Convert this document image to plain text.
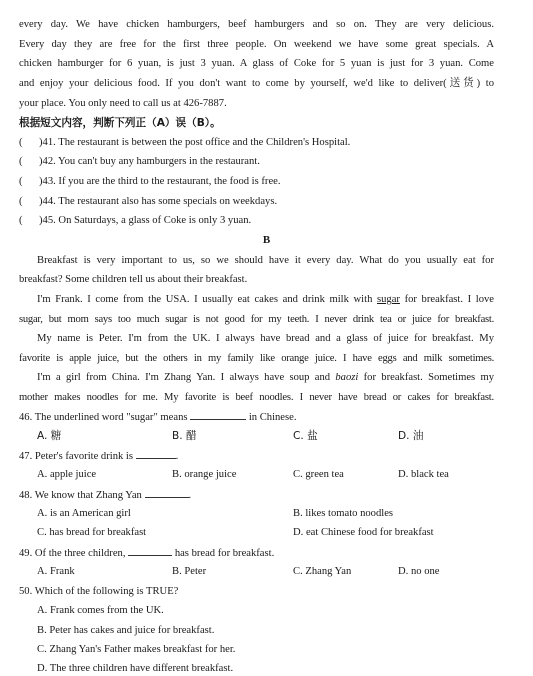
every day. We have chicken hamburgers, beef hamburgers and so on. They are very delicious.
Every day they are free for the first three people. On weekend we have some great specials. A
chicken hamburger for 6 yuan, is just 3 yuan. A glass of Coke for 5 yuan is just for 3 yuan. Come
and enjoy your delicious food. If you don't want to come by yourself, we'd like to deliver(送货) to
your place. You only need to call us at 426-7887.
根据短文内容，判断下列正（A）误（B）。
( )41. The restaurant is between the post office and the Children's Hospital.
( )42. You can't buy any hamburgers in the restaurant.
( )43. If you are the third to the restaurant, the food is free.
( )44. The restaurant also has some specials on weekdays.
( )45. On Saturdays, a glass of Coke is only 3 yuan.
B
Breakfast is very important to us, so we should have it every day. What do you usually eat for
breakfast? Some children tell us about their breakfast.
I'm Frank. I come from the USA. I usually eat cakes and drink milk with sugar for breakfast. I love
sugar, but mom says too much sugar is not good for my teeth. I never drink tea or juice for breakfast.
My name is Peter. I'm from the UK. I always have bread and a glass of juice for breakfast. My
favorite is apple juice, but the others in my family like orange juice. I have eggs and milk sometimes.
I'm a girl from China. I'm Zhang Yan. I always have soup and baozi for breakfast. Sometimes my
mother makes noodles for me. My favorite is beef noodles. I never have bread or cakes for breakfast.
46. The underlined word "sugar" means	in Chinese.
A. 糖	B. 醋	C. 盐	D. 油
47. Peter's favorite drink is	.
A. apple juice	B. orange juice	C. green tea	D. black tea
48. We know that Zhang Yan	.
A. is an American girl	B. likes tomato noodles
C. has bread for breakfast	D. eat Chinese food for breakfast
49. Of the three children,	has bread for breakfast.
A. Frank	B. Peter	C. Zhang Yan	D. no one
50. Which of the following is TRUE?
A. Frank comes from the UK.
B. Peter has cakes and juice for breakfast.
C. Zhang Yan's Father makes breakfast for her.
D. The three children have different breakfast.
